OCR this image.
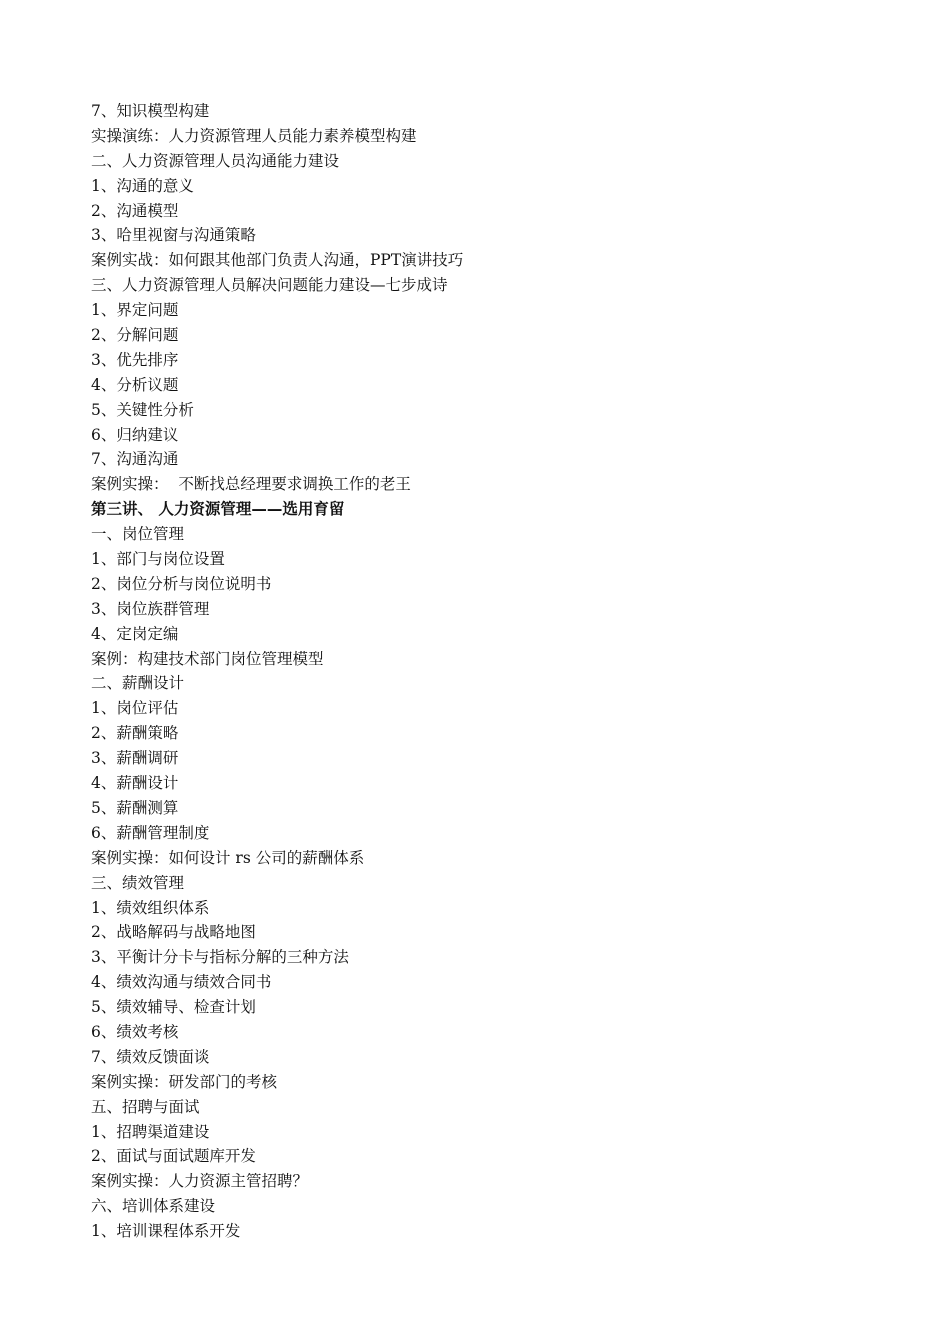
7、知识模型构建
实操演练：人力资源管理人员能力素养模型构建
二、人力资源管理人员沟通能力建设
1、沟通的意义
2、沟通模型
3、哈里视窗与沟通策略
案例实战：如何跟其他部门负责人沟通，PPT演讲技巧
三、人力资源管理人员解决问题能力建设—七步成诗
1、界定问题
2、分解问题
3、优先排序
4、分析议题
5、关键性分析
6、归纳建议
7、沟通沟通
案例实操：  不断找总经理要求调换工作的老王
第三讲、 人力资源管理——选用育留
一、岗位管理
1、部门与岗位设置
2、岗位分析与岗位说明书
3、岗位族群管理
4、定岗定编
案例：构建技术部门岗位管理模型
二、薪酬设计
1、岗位评估
2、薪酬策略
3、薪酬调研
4、薪酬设计
5、薪酬测算
6、薪酬管理制度
案例实操：如何设计 rs 公司的薪酬体系
三、绩效管理
1、绩效组织体系
2、战略解码与战略地图
3、平衡计分卡与指标分解的三种方法
4、绩效沟通与绩效合同书
5、绩效辅导、检查计划
6、绩效考核
7、绩效反馈面谈
案例实操：研发部门的考核
五、招聘与面试
1、招聘渠道建设
2、面试与面试题库开发
案例实操：人力资源主管招聘？
六、培训体系建设
1、培训课程体系开发
